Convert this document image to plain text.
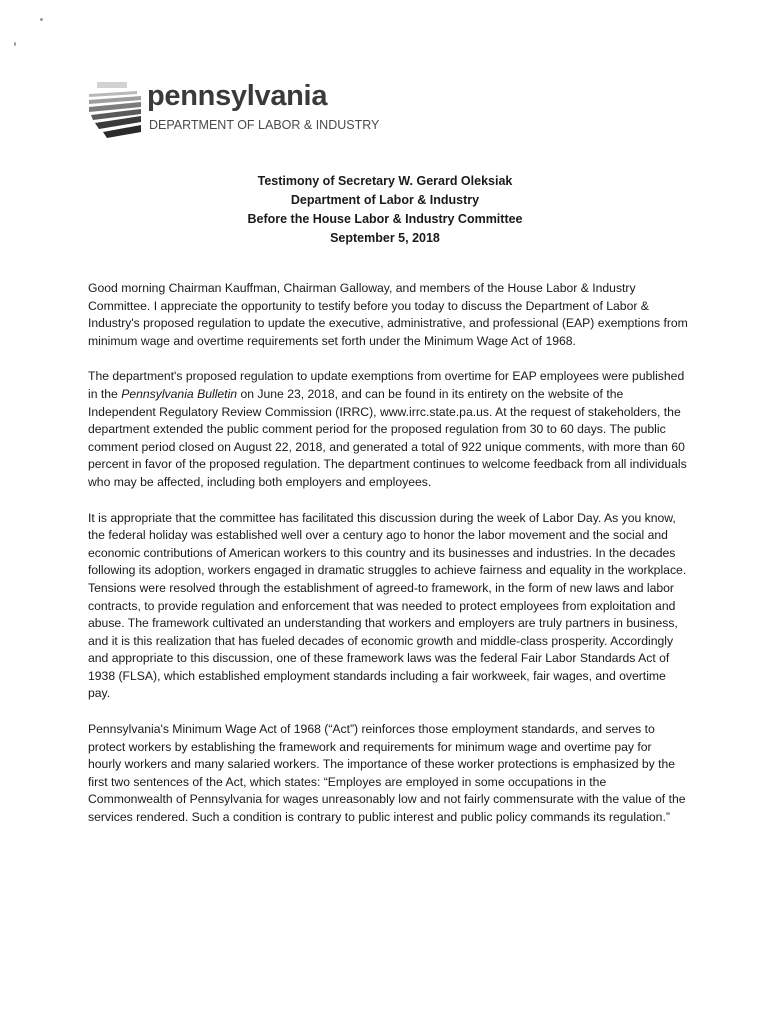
pennsylvania
DEPARTMENT OF LABOR & INDUSTRY
Testimony of Secretary W. Gerard Oleksiak
Department of Labor & Industry
Before the House Labor & Industry Committee
September 5, 2018

Good morning Chairman Kauffman, Chairman Galloway, and members of the House Labor & Industry Committee. I appreciate the opportunity to testify before you today to discuss the Department of Labor & Industry's proposed regulation to update the executive, administrative, and professional (EAP) exemptions from minimum wage and overtime requirements set forth under the Minimum Wage Act of 1968.

The department's proposed regulation to update exemptions from overtime for EAP employees were published in the Pennsylvania Bulletin on June 23, 2018, and can be found in its entirety on the website of the Independent Regulatory Review Commission (IRRC), www.irrc.state.pa.us. At the request of stakeholders, the department extended the public comment period for the proposed regulation from 30 to 60 days. The public comment period closed on August 22, 2018, and generated a total of 922 unique comments, with more than 60 percent in favor of the proposed regulation. The department continues to welcome feedback from all individuals who may be affected, including both employers and employees.

It is appropriate that the committee has facilitated this discussion during the week of Labor Day. As you know, the federal holiday was established well over a century ago to honor the labor movement and the social and economic contributions of American workers to this country and its businesses and industries. In the decades following its adoption, workers engaged in dramatic struggles to achieve fairness and equality in the workplace. Tensions were resolved through the establishment of agreed-to framework, in the form of new laws and labor contracts, to provide regulation and enforcement that was needed to protect employees from exploitation and abuse. The framework cultivated an understanding that workers and employers are truly partners in business, and it is this realization that has fueled decades of economic growth and middle-class prosperity. Accordingly and appropriate to this discussion, one of these framework laws was the federal Fair Labor Standards Act of 1938 (FLSA), which established employment standards including a fair workweek, fair wages, and overtime pay.

Pennsylvania's Minimum Wage Act of 1968 (“Act”) reinforces those employment standards, and serves to protect workers by establishing the framework and requirements for minimum wage and overtime pay for hourly workers and many salaried workers. The importance of these worker protections is emphasized by the first two sentences of the Act, which states: “Employes are employed in some occupations in the Commonwealth of Pennsylvania for wages unreasonably low and not fairly commensurate with the value of the services rendered. Such a condition is contrary to public interest and public policy commands its regulation.”
